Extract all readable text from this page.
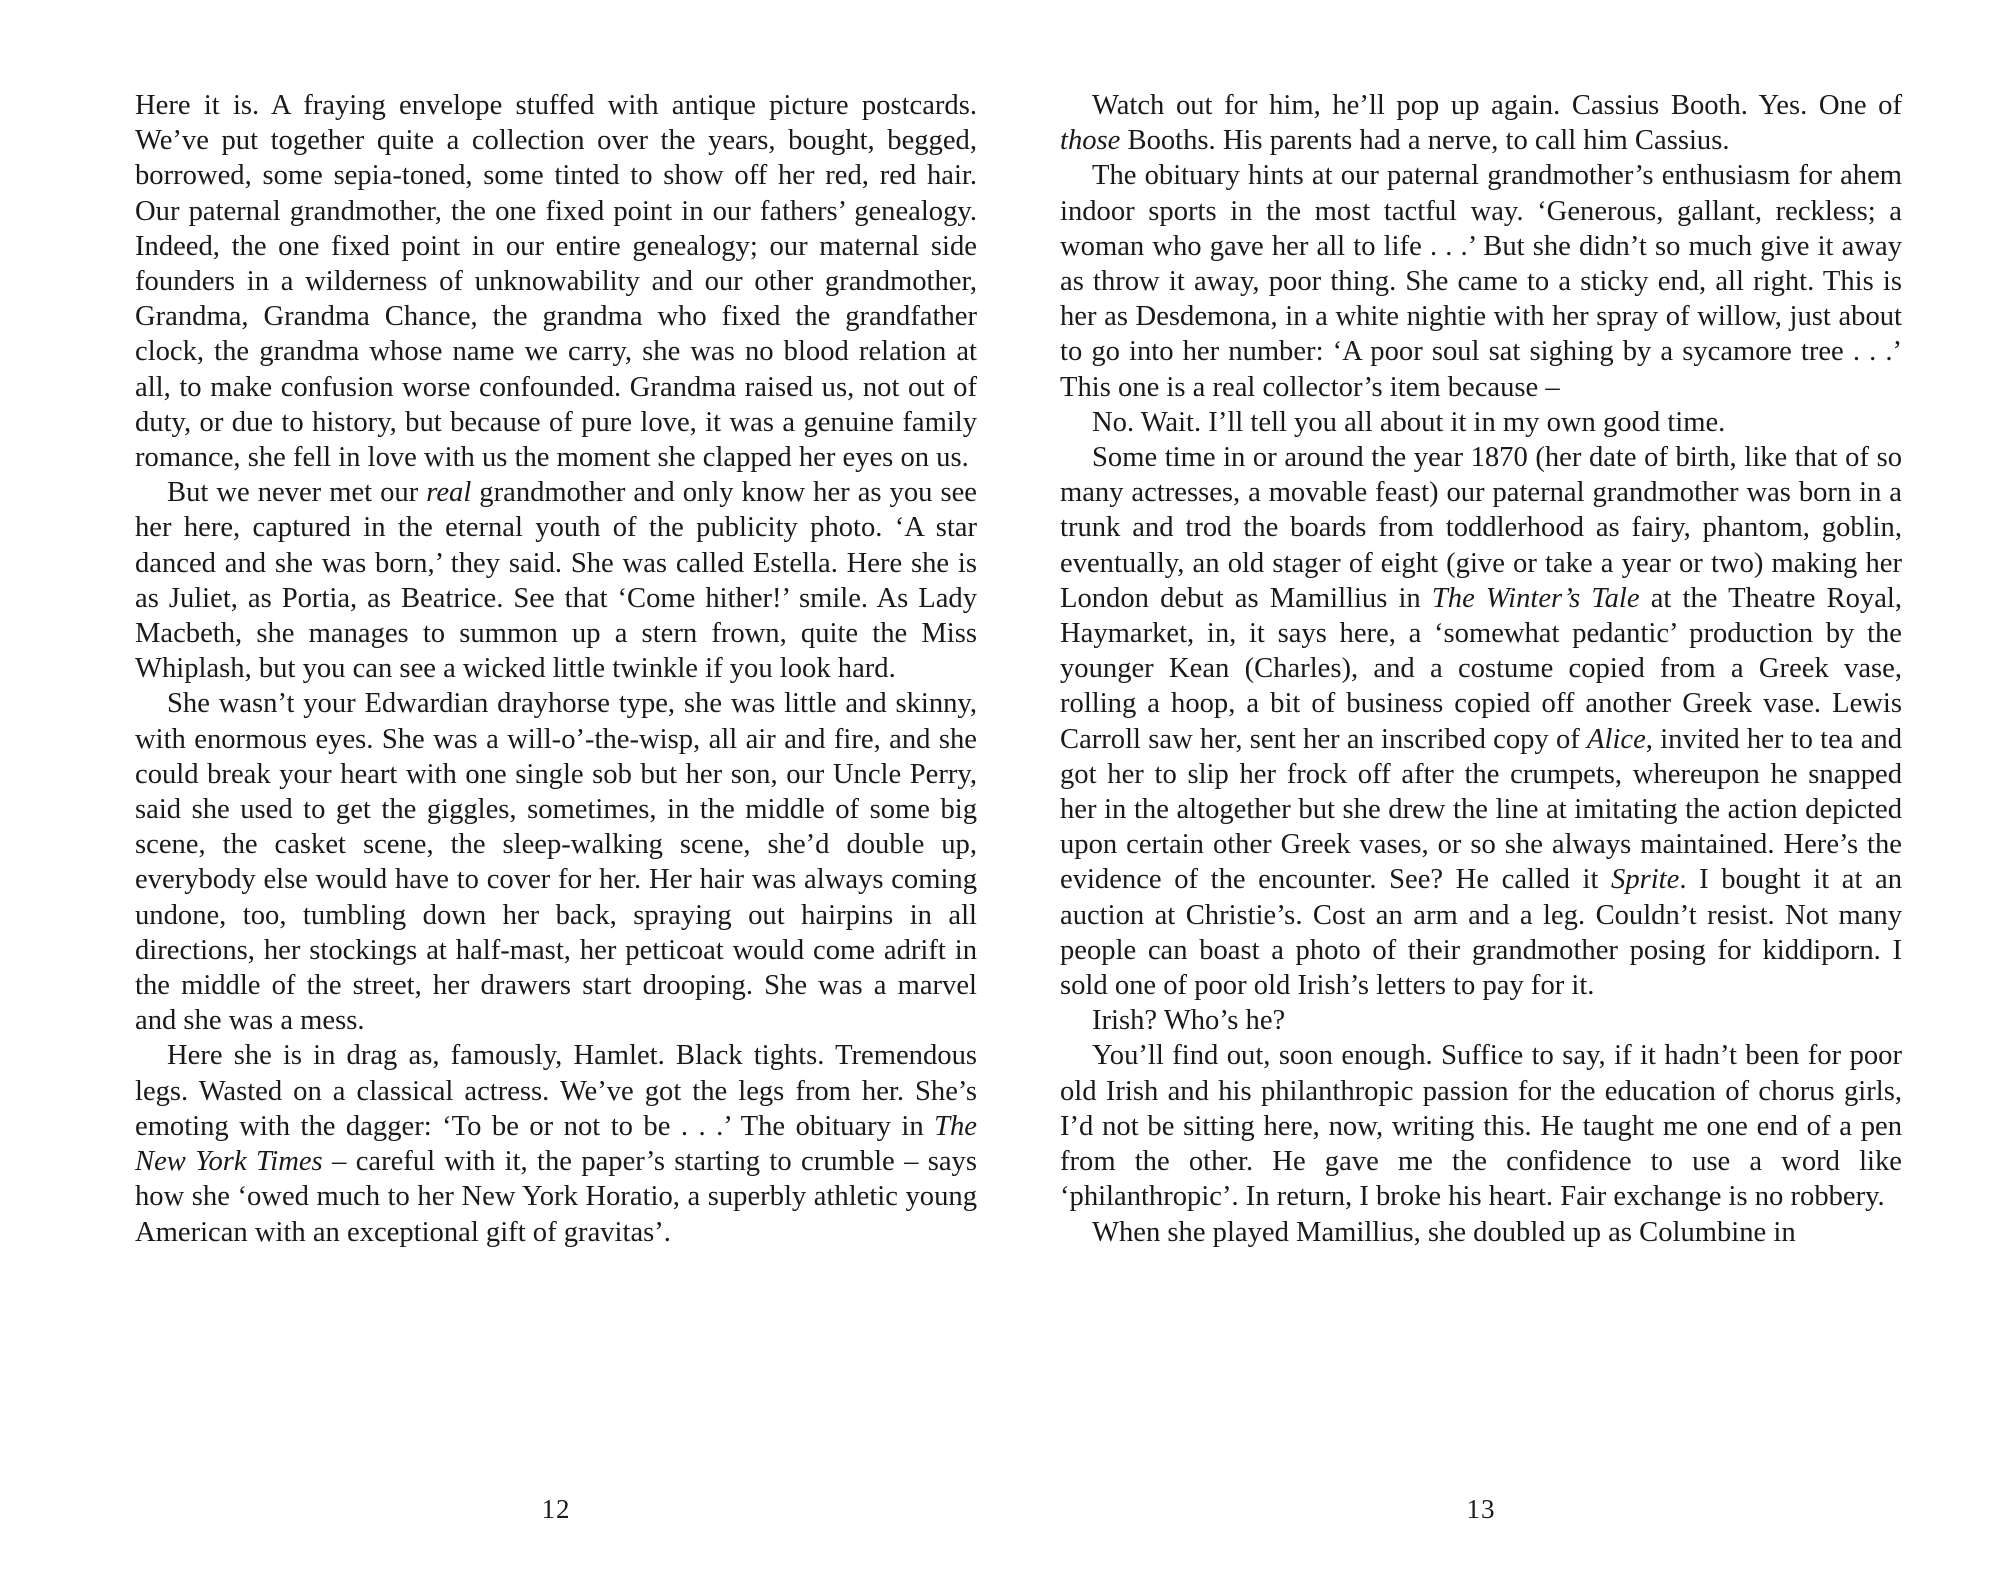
Here it is. A fraying envelope stuffed with antique picture postcards. We’ve put together quite a collection over the years, bought, begged, borrowed, some sepia-toned, some tinted to show off her red, red hair. Our paternal grandmother, the one fixed point in our fathers’ genealogy. Indeed, the one fixed point in our entire genealogy; our maternal side founders in a wilderness of unknowability and our other grandmother, Grandma, Grandma Chance, the grandma who fixed the grandfather clock, the grandma whose name we carry, she was no blood relation at all, to make confusion worse confounded. Grandma raised us, not out of duty, or due to history, but because of pure love, it was a genuine family romance, she fell in love with us the moment she clapped her eyes on us.

But we never met our real grandmother and only know her as you see her here, captured in the eternal youth of the publicity photo. ‘A star danced and she was born,’ they said. She was called Estella. Here she is as Juliet, as Portia, as Beatrice. See that ‘Come hither!’ smile. As Lady Macbeth, she manages to summon up a stern frown, quite the Miss Whiplash, but you can see a wicked little twinkle if you look hard.

She wasn’t your Edwardian drayhorse type, she was little and skinny, with enormous eyes. She was a will-o’-the-wisp, all air and fire, and she could break your heart with one single sob but her son, our Uncle Perry, said she used to get the giggles, sometimes, in the middle of some big scene, the casket scene, the sleep-walking scene, she’d double up, everybody else would have to cover for her. Her hair was always coming undone, too, tumbling down her back, spraying out hairpins in all directions, her stockings at half-mast, her petticoat would come adrift in the middle of the street, her drawers start drooping. She was a marvel and she was a mess.

Here she is in drag as, famously, Hamlet. Black tights. Tremendous legs. Wasted on a classical actress. We’ve got the legs from her. She’s emoting with the dagger: ‘To be or not to be . . .’ The obituary in The New York Times – careful with it, the paper’s starting to crumble – says how she ‘owed much to her New York Horatio, a superbly athletic young American with an exceptional gift of gravitas’.

12

Watch out for him, he’ll pop up again. Cassius Booth. Yes. One of those Booths. His parents had a nerve, to call him Cassius.

The obituary hints at our paternal grandmother’s enthusiasm for ahem indoor sports in the most tactful way. ‘Generous, gallant, reckless; a woman who gave her all to life . . .’ But she didn’t so much give it away as throw it away, poor thing. She came to a sticky end, all right. This is her as Desdemona, in a white nightie with her spray of willow, just about to go into her number: ‘A poor soul sat sighing by a sycamore tree . . .’ This one is a real collector’s item because –

No. Wait. I’ll tell you all about it in my own good time.

Some time in or around the year 1870 (her date of birth, like that of so many actresses, a movable feast) our paternal grandmother was born in a trunk and trod the boards from toddlerhood as fairy, phantom, goblin, eventually, an old stager of eight (give or take a year or two) making her London debut as Mamillius in The Winter’s Tale at the Theatre Royal, Haymarket, in, it says here, a ‘somewhat pedantic’ production by the younger Kean (Charles), and a costume copied from a Greek vase, rolling a hoop, a bit of business copied off another Greek vase. Lewis Carroll saw her, sent her an inscribed copy of Alice, invited her to tea and got her to slip her frock off after the crumpets, whereupon he snapped her in the altogether but she drew the line at imitating the action depicted upon certain other Greek vases, or so she always maintained. Here’s the evidence of the encounter. See? He called it Sprite. I bought it at an auction at Christie’s. Cost an arm and a leg. Couldn’t resist. Not many people can boast a photo of their grandmother posing for kiddiporn. I sold one of poor old Irish’s letters to pay for it.

Irish? Who’s he?

You’ll find out, soon enough. Suffice to say, if it hadn’t been for poor old Irish and his philanthropic passion for the education of chorus girls, I’d not be sitting here, now, writing this. He taught me one end of a pen from the other. He gave me the confidence to use a word like ‘philanthropic’. In return, I broke his heart. Fair exchange is no robbery.

When she played Mamillius, she doubled up as Columbine in

13
